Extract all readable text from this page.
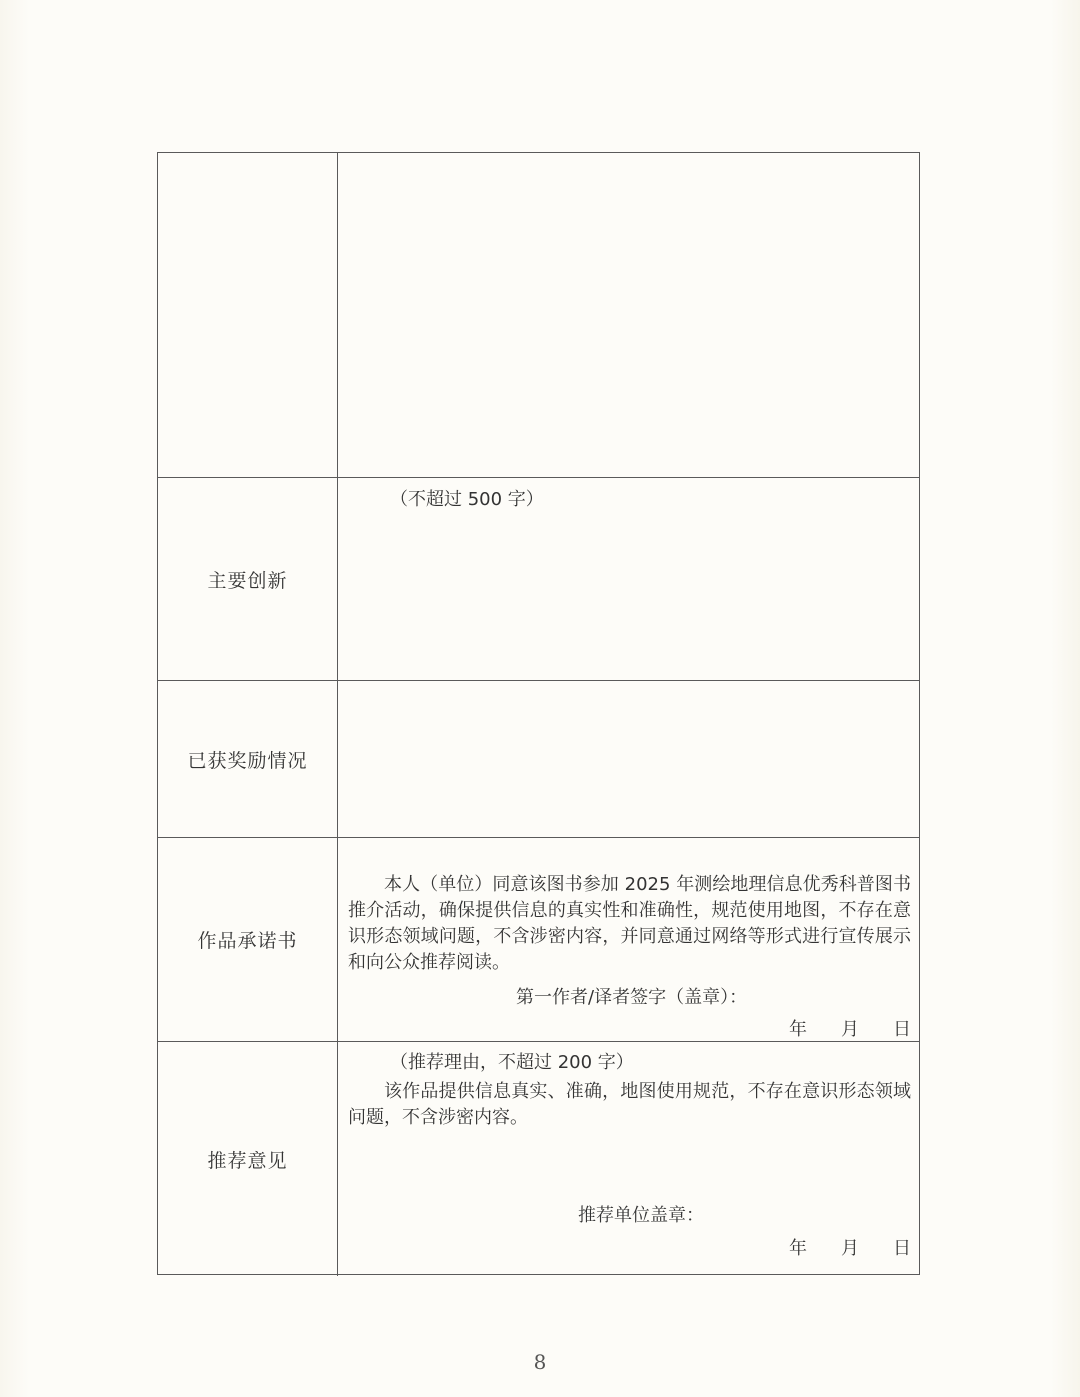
主要创新
（不超过 500 字）
已获奖励情况
作品承诺书
本人（单位）同意该图书参加 2025 年测绘地理信息优秀科普图书推介活动，确保提供信息的真实性和准确性，规范使用地图，不存在意识形态领域问题，不含涉密内容，并同意通过网络等形式进行宣传展示和向公众推荐阅读。
第一作者/译者签字（盖章）：
年 月 日
推荐意见
（推荐理由，不超过 200 字）
该作品提供信息真实、准确，地图使用规范，不存在意识形态领域问题，不含涉密内容。
推荐单位盖章：
年 月 日
8
